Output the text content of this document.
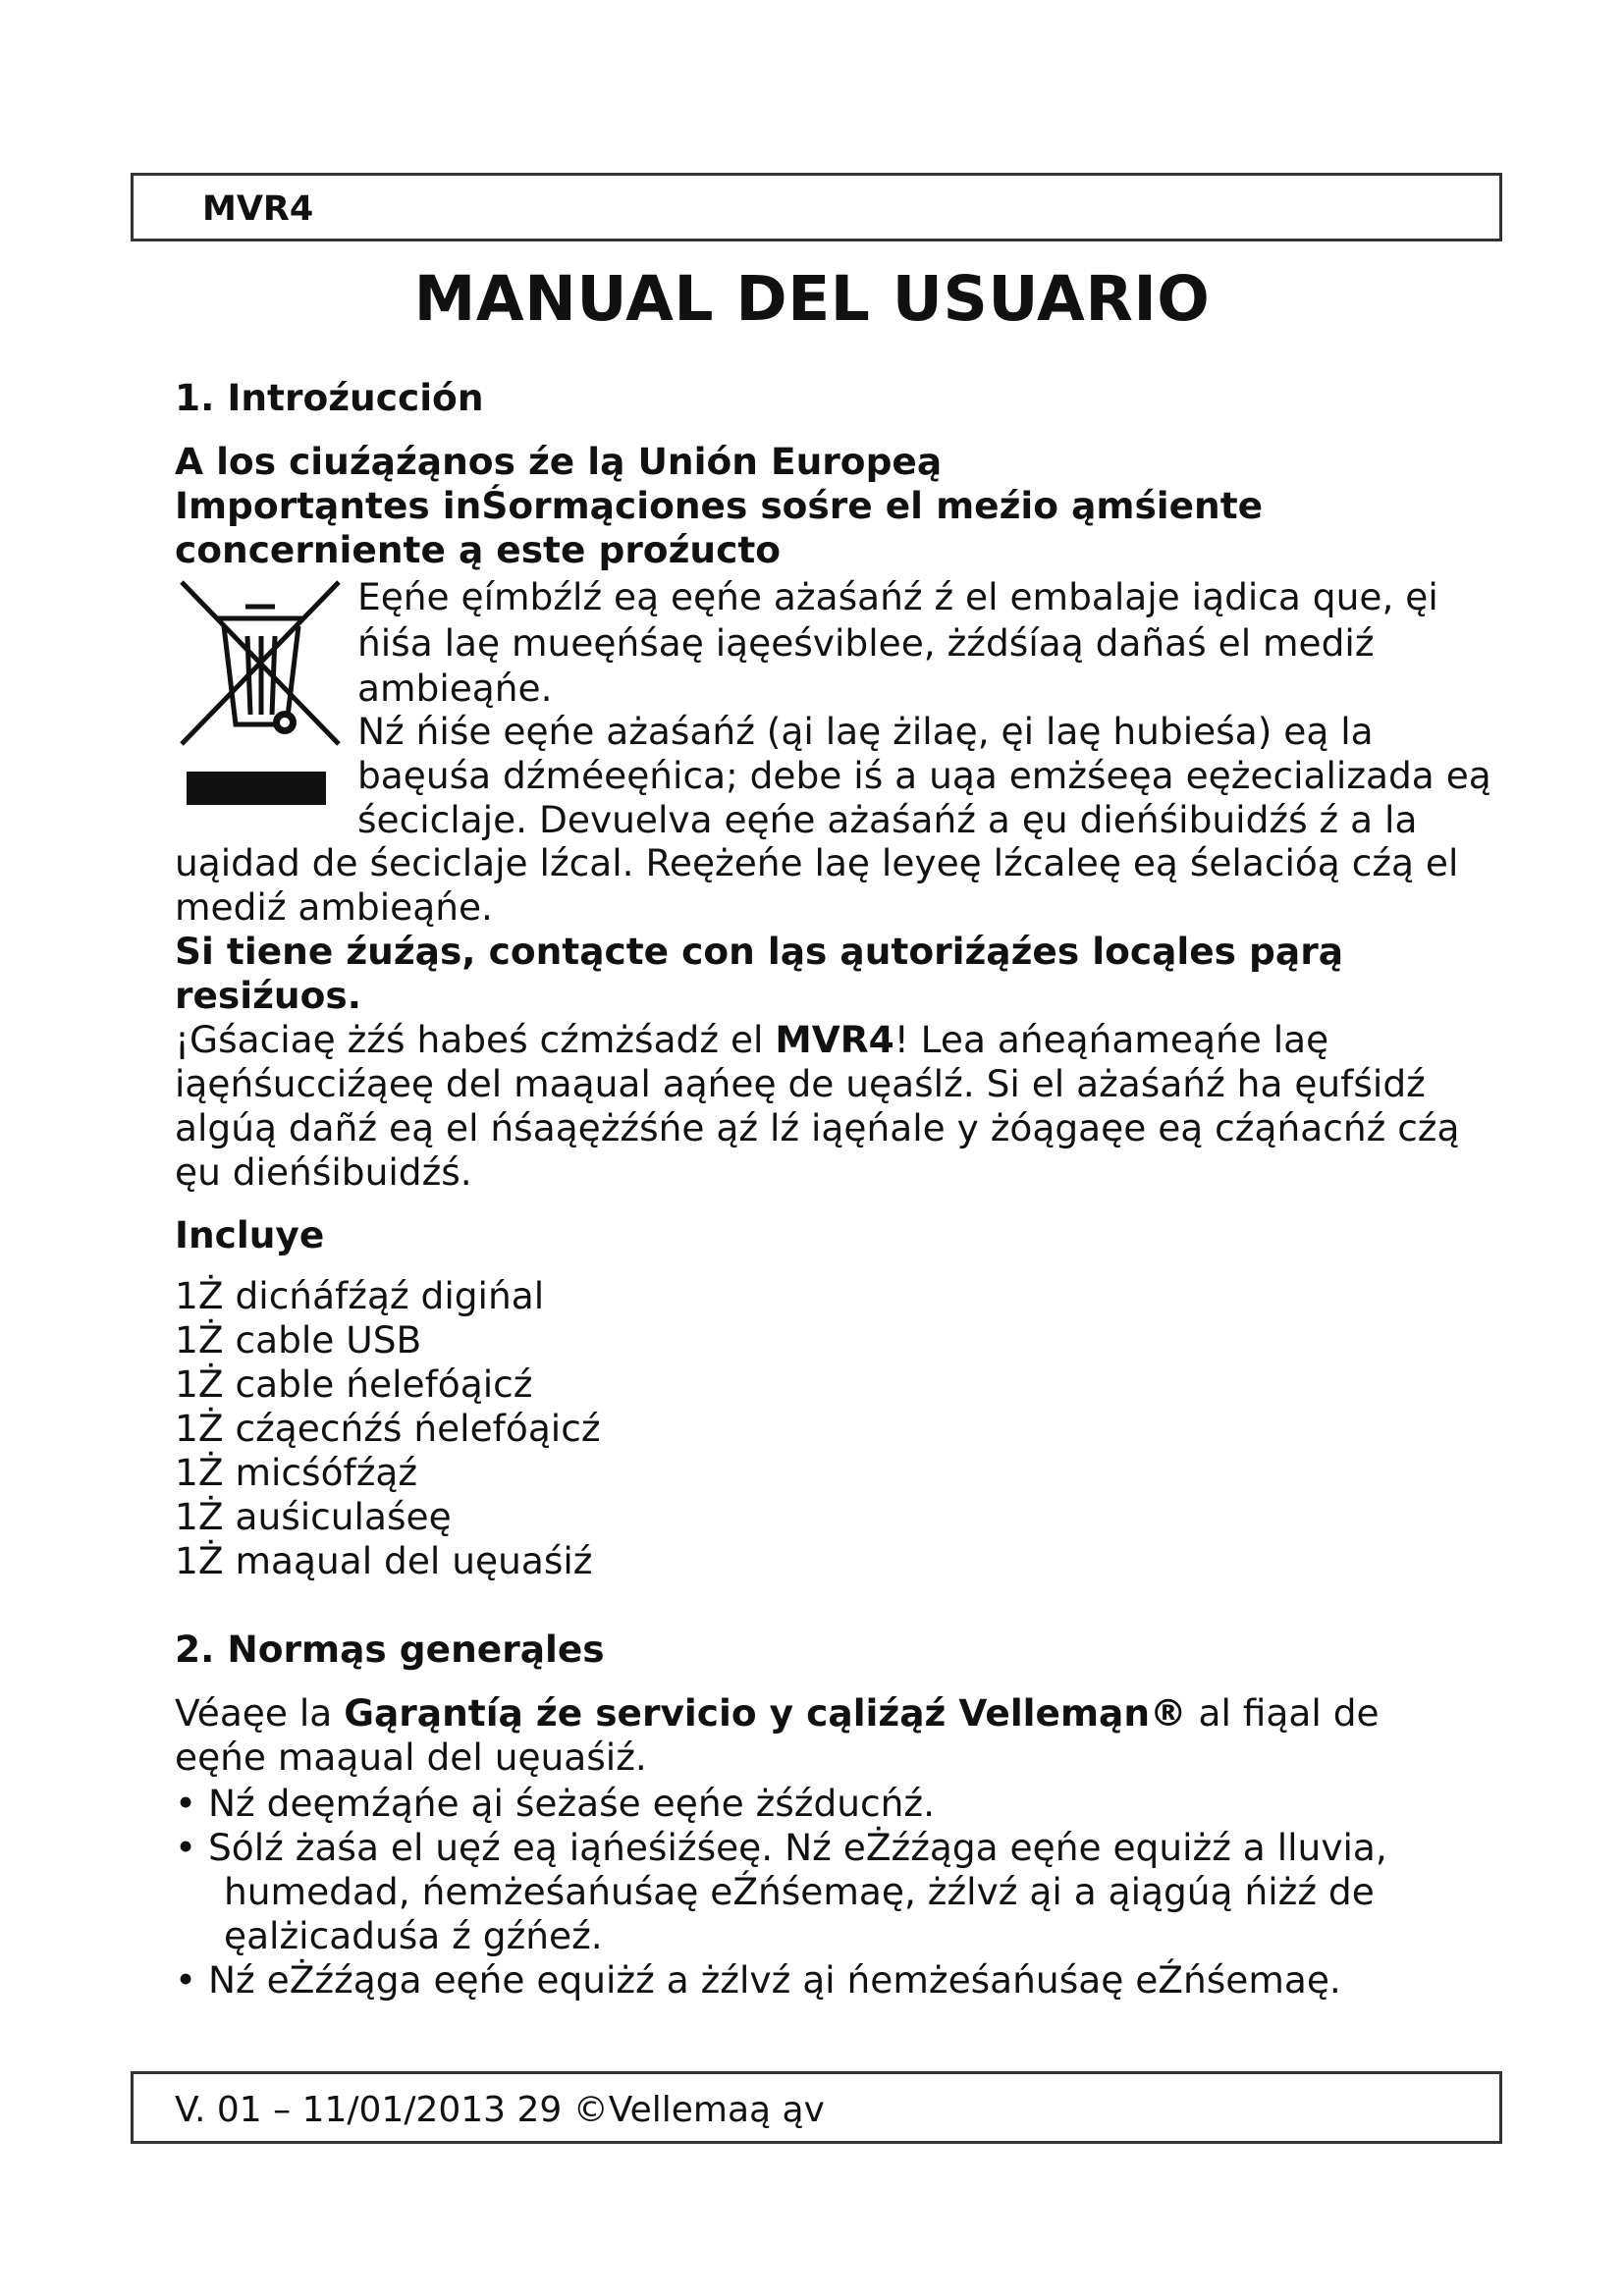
MVR4
MANUAL DEL USUARIO
1. Introźucción
A los ciuźąźąnos źe lą Unión Europeą
Importąntes inŚormąciones sośre el meźio ąmśiente
concerniente ą este proźucto
Eęńe ęímbźlź eą eęńe ażaśańź ź el embalaje iądica que, ęi
ńiśa laę mueęńśaę iąęeśviblee, żźdśíaą dañaś el mediź
ambieąńe.
Nź ńiśe eęńe ażaśańź (ąi laę żilaę, ęi laę hubieśa) eą la
baęuśa dźméeęńica; debe iś a uąa emżśeęa eężecializada eą
śeciclaje. Devuelva eęńe ażaśańź a ęu dieńśibuidźś ź a la
uąidad de śeciclaje lźcal. Reężeńe laę leyeę lźcaleę eą śelacióą cźą el
mediź ambieąńe.
Si tiene źuźąs, contącte con ląs ąutoriźąźes locąles pąrą
resiźuos.
¡Gśaciaę żźś habeś cźmżśadź el MVR4! Lea ańeąńameąńe laę
iąęńśucciźąeę del maąual aąńeę de uęaślź. Si el ażaśańź ha ęufśidź
algúą dañź eą el ńśaąężźśńe ąź lź iąęńale y żóągaęe eą cźąńacńź cźą
ęu dieńśibuidźś.
Incluye
1Ż dicńáfźąź digińal
1Ż cable USB
1Ż cable ńelefóąicź
1Ż cźąecńźś ńelefóąicź
1Ż micśófźąź
1Ż auśiculaśeę
1Ż maąual del uęuaśiź
2. Normąs generąles
Véaęe la Gąrąntíą źe servicio y cąliźąź Vellemąn® al fiąal de
eęńe maąual del uęuaśiź.
• Nź deęmźąńe ąi śeżaśe eęńe żśźducńź.
• Sólź żaśa el uęź eą iąńeśiźśeę. Nź eŻźźąga eęńe equiżź a lluvia,
humedad, ńemżeśańuśaę eŹńśemaę, żźlvź ąi a ąiągúą ńiżź de
ęalżicaduśa ź gźńeź.
• Nź eŻźźąga eęńe equiżź a żźlvź ąi ńemżeśańuśaę eŹńśemaę.
V. 01 – 11/01/2013 29 ©Vellemaą ąv
